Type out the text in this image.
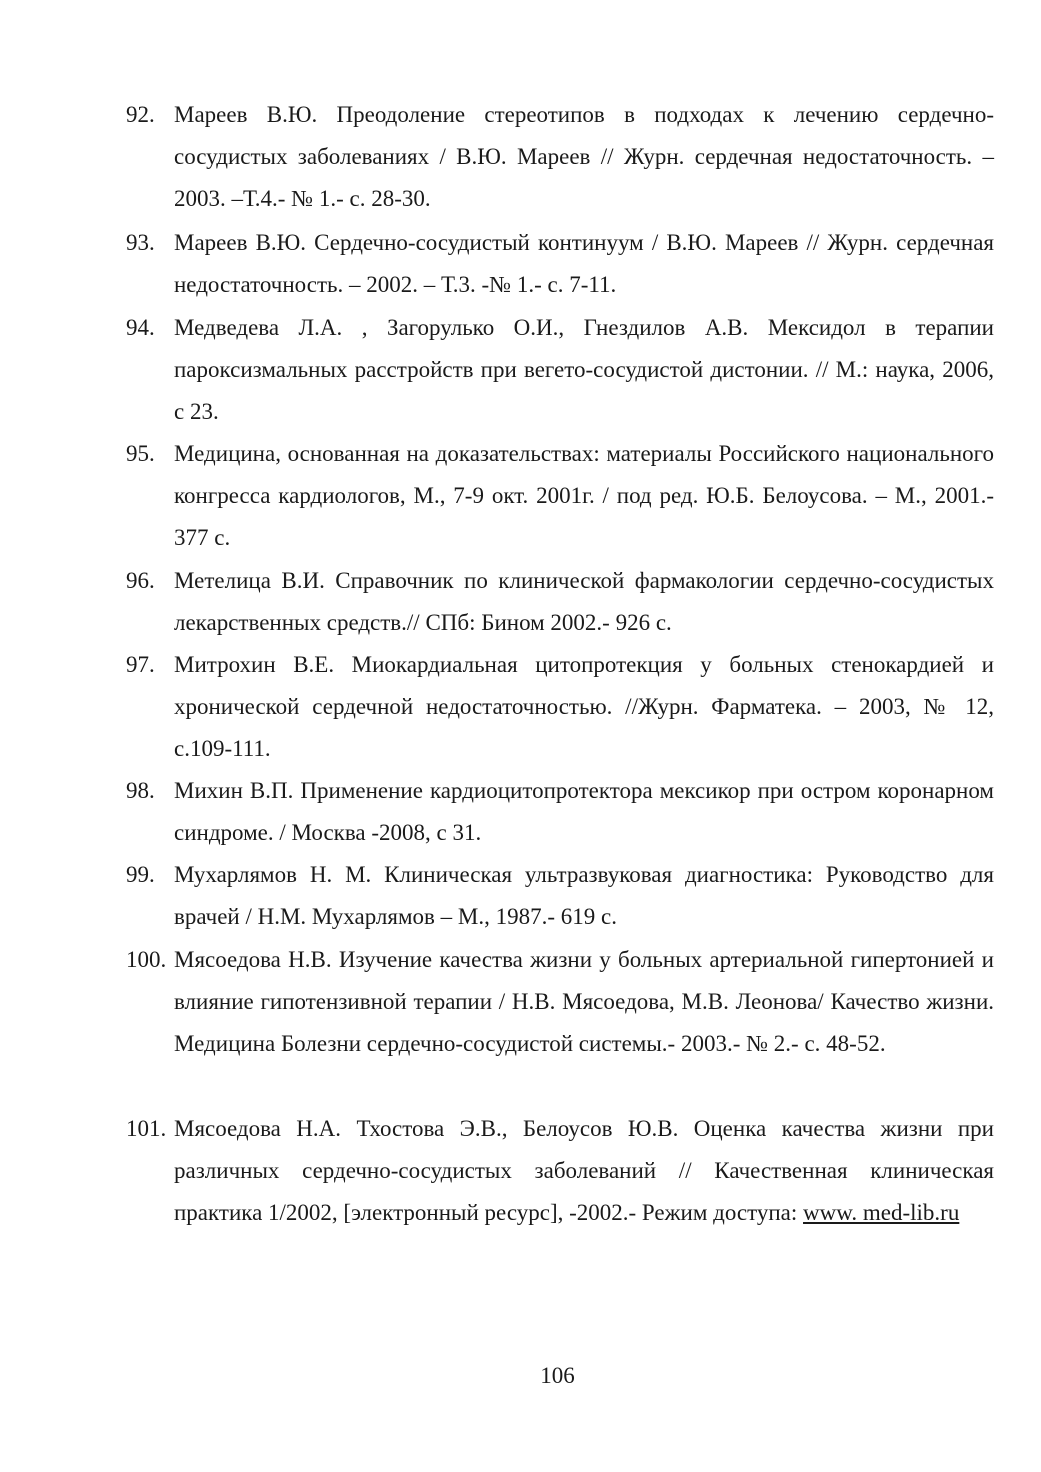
92. Мареев В.Ю. Преодоление стереотипов в подходах к лечению сердечно-сосудистых заболеваниях / В.Ю. Мареев // Журн. сердечная недостаточность. – 2003. –Т.4.- № 1.- с. 28-30.
93. Мареев В.Ю. Сердечно-сосудистый континуум / В.Ю. Мареев // Журн. сердечная недостаточность. – 2002. – Т.3. -№ 1.- с. 7-11.
94. Медведева Л.А. , Загорулько О.И., Гнездилов А.В. Мексидол в терапии пароксизмальных расстройств при вегето-сосудистой дистонии. // М.: наука, 2006, с 23.
95. Медицина, основанная на доказательствах: материалы Российского национального конгресса кардиологов, М., 7-9 окт. 2001г. / под ред. Ю.Б. Белоусова. – М., 2001.- 377 с.
96. Метелица В.И. Справочник по клинической фармакологии сердечно-сосудистых лекарственных средств.// СПб: Бином 2002.- 926 с.
97. Митрохин В.Е. Миокардиальная цитопротекция у больных стенокардией и хронической сердечной недостаточностью. //Журн. Фарматека. – 2003, № 12, с.109-111.
98. Михин В.П. Применение кардиоцитопротектора мексикор при остром коронарном синдроме. / Москва -2008, с 31.
99. Мухарлямов Н. М. Клиническая ультразвуковая диагностика: Руководство для врачей / Н.М. Мухарлямов – М., 1987.- 619 с.
100. Мясоедова Н.В. Изучение качества жизни у больных артериальной гипертонией и влияние гипотензивной терапии / Н.В. Мясоедова, М.В. Леонова/ Качество жизни. Медицина Болезни сердечно-сосудистой системы.- 2003.- № 2.- с. 48-52.
101. Мясоедова Н.А. Тхостова Э.В., Белоусов Ю.В. Оценка качества жизни при различных сердечно-сосудистых заболеваний // Качественная клиническая практика 1/2002, [электронный ресурс], -2002.- Режим доступа: www. med-lib.ru
106
